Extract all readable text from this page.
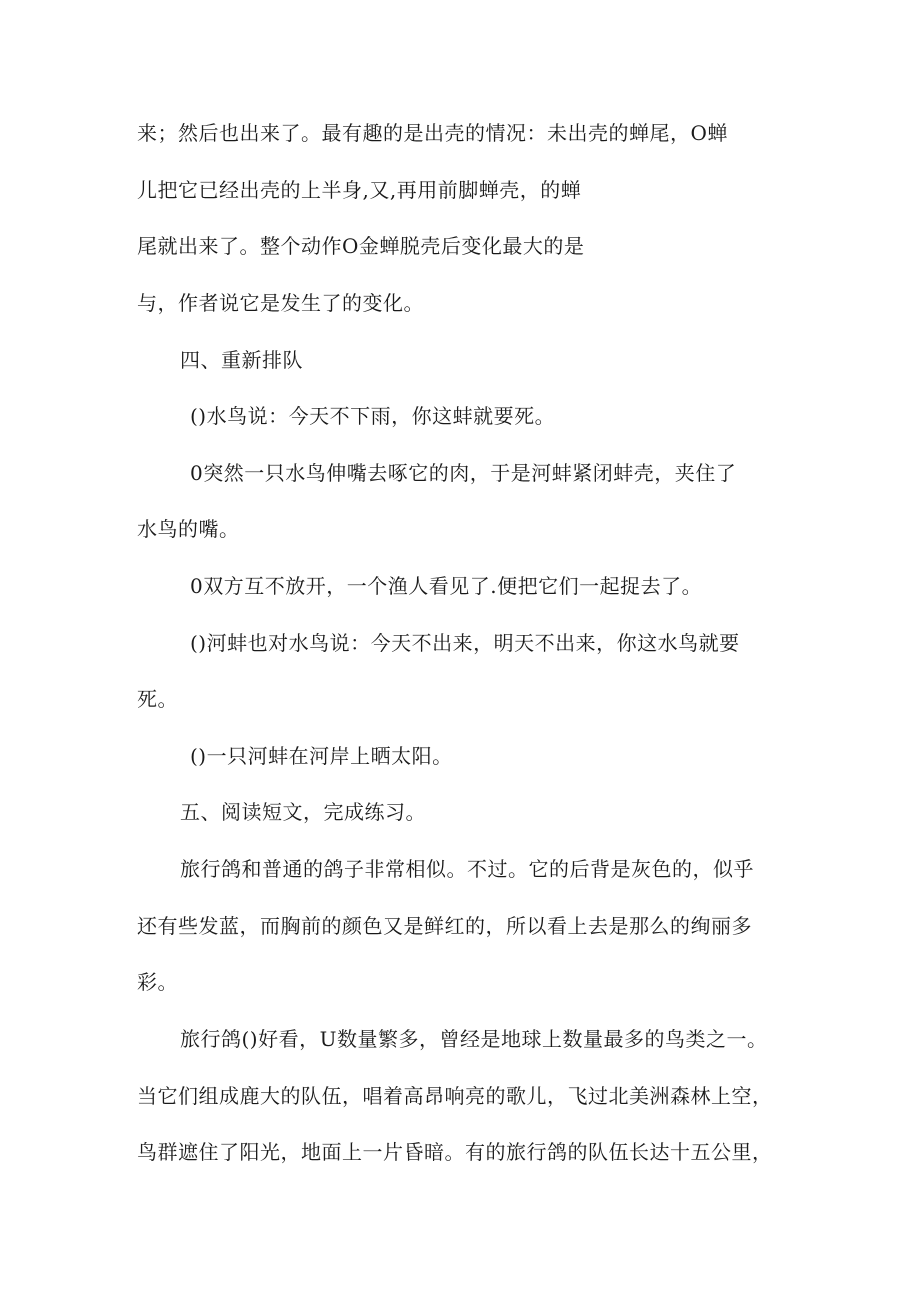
来；然后也出来了。最有趣的是出壳的情况：未出壳的蝉尾，O蝉
儿把它已经出壳的上半身,又,再用前脚蝉壳，的蝉
尾就出来了。整个动作O金蝉脱壳后变化最大的是
与，作者说它是发生了的变化。
四、重新排队
()水鸟说：今天不下雨，你这蚌就要死。
0突然一只水鸟伸嘴去啄它的肉，于是河蚌紧闭蚌壳，夹住了
水鸟的嘴。
0双方互不放开，一个渔人看见了.便把它们一起捉去了。
()河蚌也对水鸟说：今天不出来，明天不出来，你这水鸟就要
死。
()一只河蚌在河岸上晒太阳。
五、阅读短文，完成练习。
旅行鸽和普通的鸽子非常相似。不过。它的后背是灰色的，似乎
还有些发蓝，而胸前的颜色又是鲜红的，所以看上去是那么的绚丽多
彩。
旅行鸽()好看，U数量繁多，曾经是地球上数量最多的鸟类之一。
当它们组成鹿大的队伍，唱着高昂响亮的歌儿，飞过北美洲森林上空，
鸟群遮住了阳光，地面上一片昏暗。有的旅行鸽的队伍长达十五公里，
